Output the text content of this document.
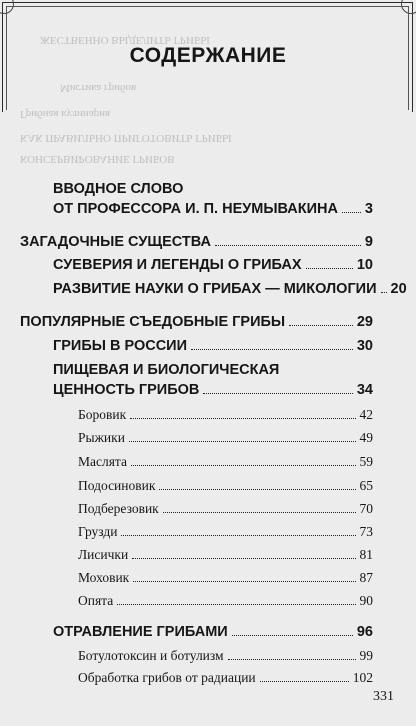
ЖЕСТВЕННО ВЫДЕЛИТЬ ГРИБЫ
Мистика грибов
Грибная кулинария
КАК ПРАВИЛЬНО ПРИГОТОВИТЬ ГРИБЫ
КОНСЕРВИРОВАНИЕ ГРИБОВ
СОДЕРЖАНИЕ
ВВОДНОЕ СЛОВО
ОТ ПРОФЕССОРА И. П. НЕУМЫВАКИНА 3
ЗАГАДОЧНЫЕ СУЩЕСТВА	9
СУЕВЕРИЯ И ЛЕГЕНДЫ О ГРИБАХ	10
РАЗВИТИЕ НАУКИ О ГРИБАХ — МИКОЛОГИИ 20
ПОПУЛЯРНЫЕ СЪЕДОБНЫЕ ГРИБЫ	29
ГРИБЫ В РОССИИ	30
ПИЩЕВАЯ И БИОЛОГИЧЕСКАЯ
ЦЕННОСТЬ ГРИБОВ	34
Боровик	42
Рыжики	49
Маслята	59
Подосиновик	65
Подберезовик	70
Грузди	73
Лисички	81
Моховик	87
Опята	90
ОТРАВЛЕНИЕ ГРИБАМИ	96
Ботулотоксин и ботулизм	99
Обработка грибов от радиации	102
331
